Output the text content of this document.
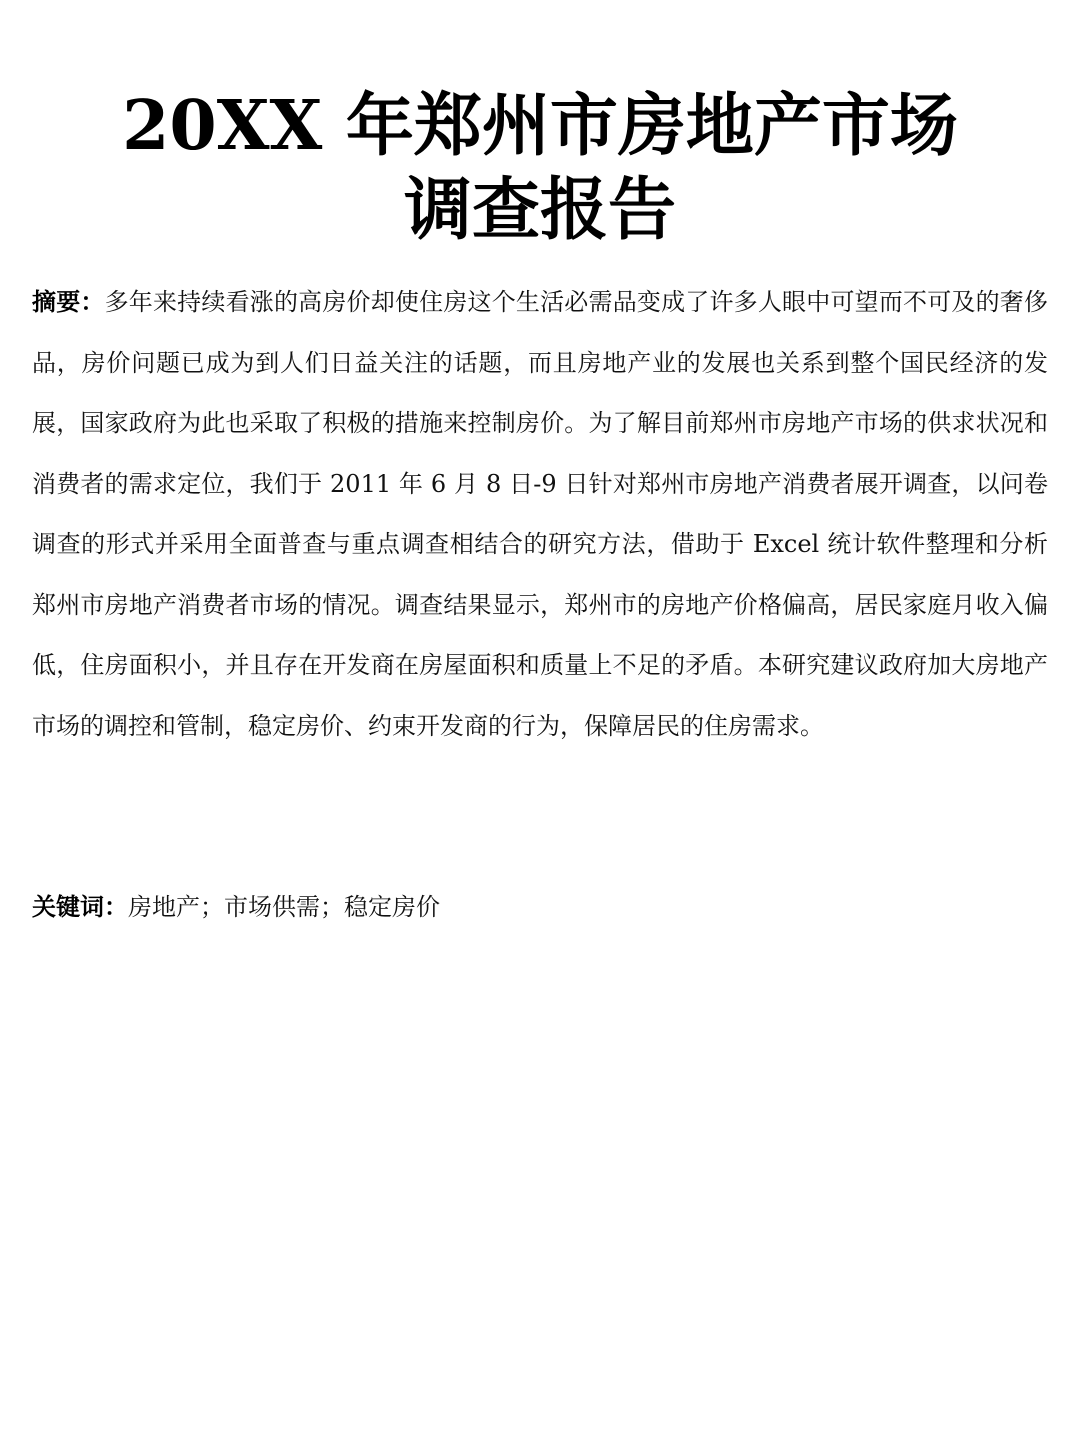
20XX 年郑州市房地产市场
调查报告

摘要：多年来持续看涨的高房价却使住房这个生活必需品变成了许多人眼中可望而不可及的奢侈品，房价问题已成为到人们日益关注的话题，而且房地产业的发展也关系到整个国民经济的发展，国家政府为此也采取了积极的措施来控制房价。为了解目前郑州市房地产市场的供求状况和消费者的需求定位，我们于 2011 年 6 月 8 日-9 日针对郑州市房地产消费者展开调查，以问卷调查的形式并采用全面普查与重点调查相结合的研究方法，借助于 Excel 统计软件整理和分析郑州市房地产消费者市场的情况。调查结果显示，郑州市的房地产价格偏高，居民家庭月收入偏低，住房面积小，并且存在开发商在房屋面积和质量上不足的矛盾。本研究建议政府加大房地产市场的调控和管制，稳定房价、约束开发商的行为，保障居民的住房需求。

关键词：房地产；市场供需；稳定房价
